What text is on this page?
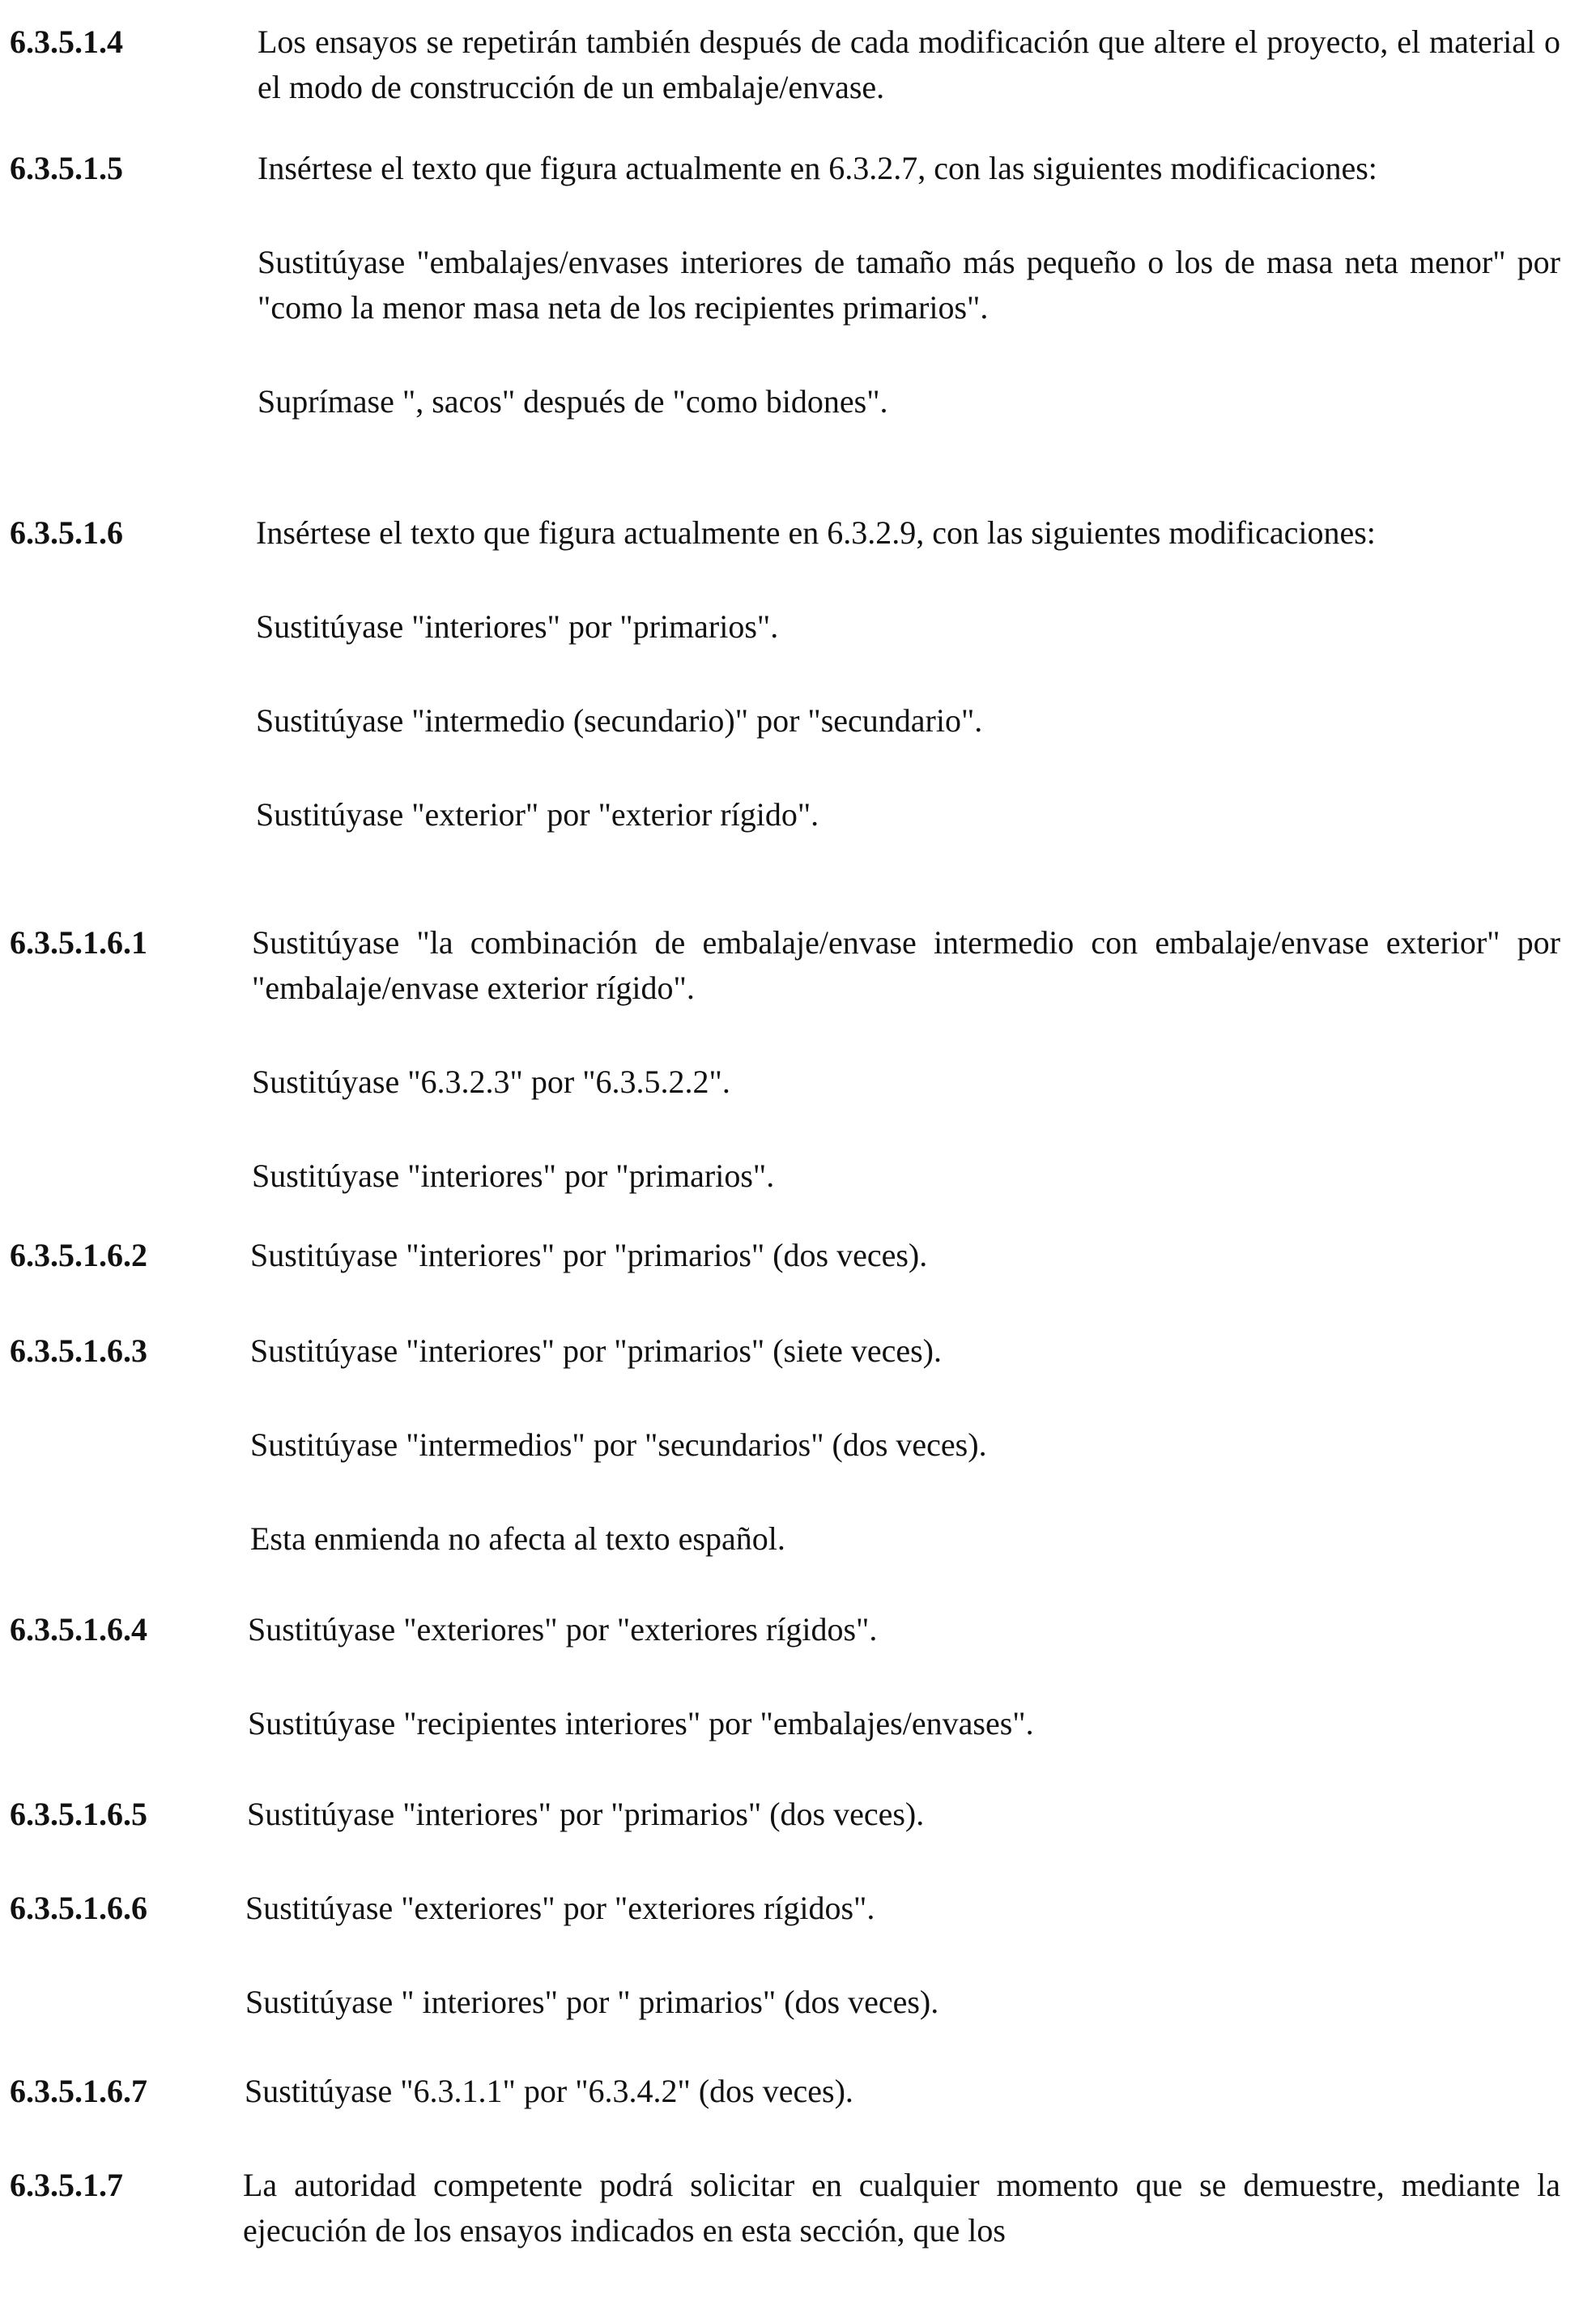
6.3.5.1.4	Los ensayos se repetirán también después de cada modificación que altere el proyecto, el material o el modo de construcción de un embalaje/envase.

6.3.5.1.5	Insértese el texto que figura actualmente en 6.3.2.7, con las siguientes modificaciones:

Sustitúyase "embalajes/envases interiores de tamaño más pequeño o los de masa neta menor" por "como la menor masa neta de los recipientes primarios".

Suprímase ", sacos" después de "como bidones".

6.3.5.1.6	Insértese el texto que figura actualmente en 6.3.2.9, con las siguientes modificaciones:

Sustitúyase "interiores" por "primarios".

Sustitúyase "intermedio (secundario)" por "secundario".

Sustitúyase "exterior" por "exterior rígido".

6.3.5.1.6.1	Sustitúyase "la combinación de embalaje/envase intermedio con embalaje/envase exterior" por "embalaje/envase exterior rígido".

Sustitúyase "6.3.2.3" por "6.3.5.2.2".

Sustitúyase "interiores" por "primarios".

6.3.5.1.6.2	Sustitúyase "interiores" por "primarios" (dos veces).

6.3.5.1.6.3	Sustitúyase "interiores" por "primarios" (siete veces).

Sustitúyase "intermedios" por "secundarios" (dos veces).

Esta enmienda no afecta al texto español.

6.3.5.1.6.4	Sustitúyase "exteriores" por "exteriores rígidos".

Sustitúyase "recipientes interiores" por "embalajes/envases".

6.3.5.1.6.5	Sustitúyase "interiores" por "primarios" (dos veces).

6.3.5.1.6.6	Sustitúyase "exteriores" por "exteriores rígidos".

Sustitúyase " interiores" por " primarios" (dos veces).

6.3.5.1.6.7	Sustitúyase "6.3.1.1" por "6.3.4.2" (dos veces).

6.3.5.1.7	La autoridad competente podrá solicitar en cualquier momento que se demuestre, mediante la ejecución de los ensayos indicados en esta sección, que los
